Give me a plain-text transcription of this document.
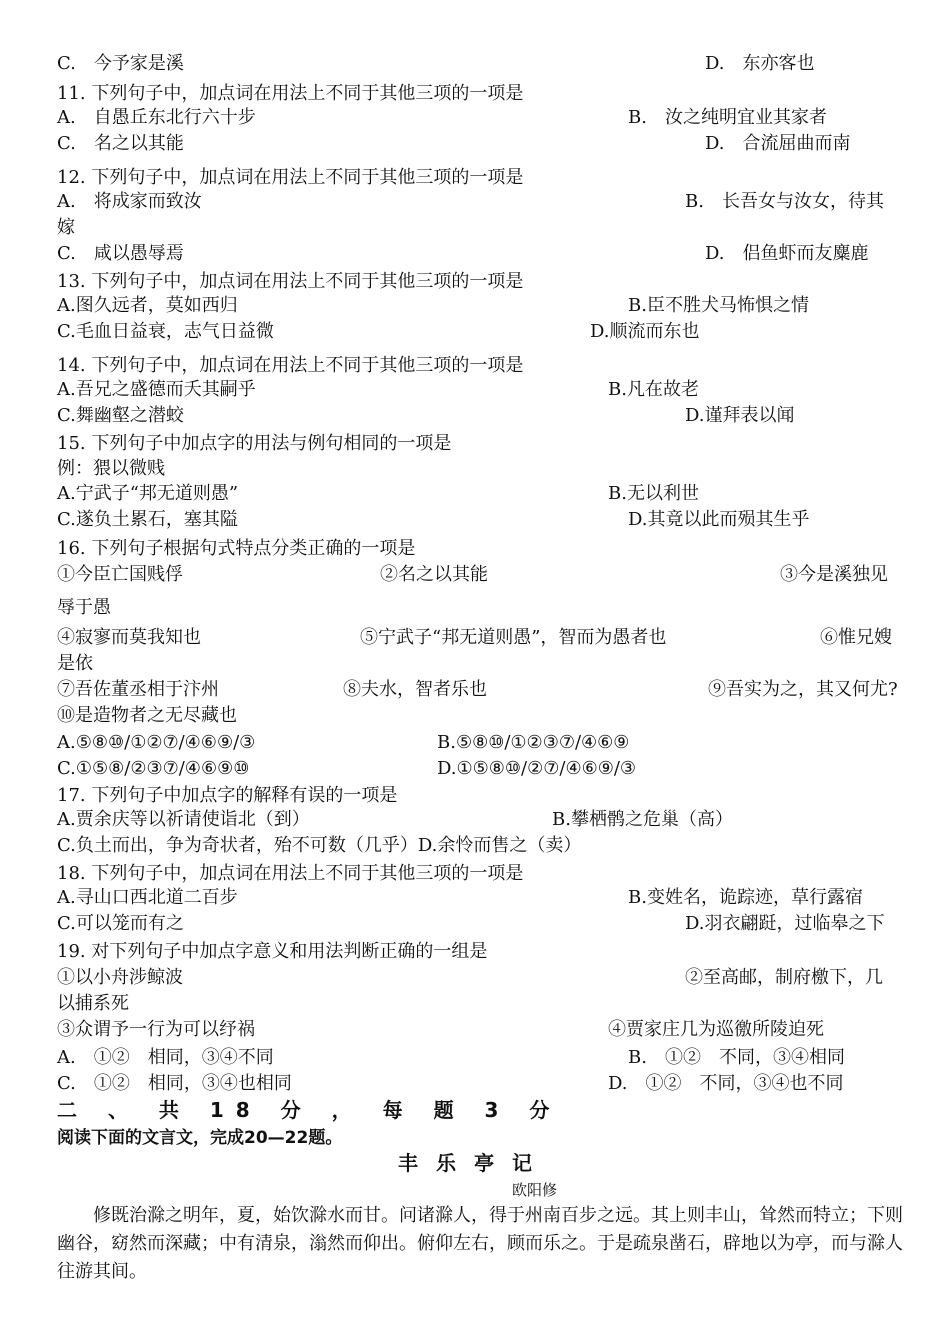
C.　今予家是溪	D.　东亦客也
11. 下列句子中，加点词在用法上不同于其他三项的一项是
A.　自愚丘东北行六十步	B.　汝之纯明宜业其家者
C.　名之以其能	D.　合流屈曲而南
12. 下列句子中，加点词在用法上不同于其他三项的一项是
A.　将成家而致汝	B.　长吾女与汝女，待其
嫁
C.　咸以愚辱焉	D.　侣鱼虾而友麋鹿
13. 下列句子中，加点词在用法上不同于其他三项的一项是
A.图久远者，莫如西归	B.臣不胜犬马怖惧之情
C.毛血日益衰，志气日益微	D.顺流而东也
14. 下列句子中，加点词在用法上不同于其他三项的一项是
A.吾兄之盛德而夭其嗣乎	B.凡在故老
C.舞幽壑之潜蛟	D.谨拜表以闻
15. 下列句子中加点字的用法与例句相同的一项是
例：猥以微贱
A.宁武子“邦无道则愚”	B.无以利世
C.遂负土累石，塞其隘	D.其竟以此而殒其生乎
16. 下列句子根据句式特点分类正确的一项是
①今臣亡国贱俘	②名之以其能	③今是溪独见
辱于愚
④寂寥而莫我知也	⑤宁武子“邦无道则愚”，智而为愚者也	⑥惟兄嫂
是依
⑦吾佐董丞相于汴州	⑧夫水，智者乐也	⑨吾实为之，其又何尤?
⑩是造物者之无尽藏也
A.⑤⑧⑩/①②⑦/④⑥⑨/③	B.⑤⑧⑩/①②③⑦/④⑥⑨
C.①⑤⑧/②③⑦/④⑥⑨⑩	D.①⑤⑧⑩/②⑦/④⑥⑨/③
17. 下列句子中加点字的解释有误的一项是
A.贾余庆等以祈请使诣北（到）	B.攀栖鹘之危巢（高）
C.负土而出，争为奇状者，殆不可数（几乎）D.余怜而售之（卖）
18. 下列句子中，加点词在用法上不同于其他三项的一项是
A.寻山口西北道二百步	B.变姓名，诡踪迹，草行露宿
C.可以笼而有之	D.羽衣翩跹，过临皋之下
19. 对下列句子中加点字意义和用法判断正确的一组是
①以小舟涉鲸波	②至高邮，制府檄下，几
以捕系死
③众谓予一行为可以纾祸	④贾家庄几为巡徼所陵迫死
A.　①②　相同，③④不同	B.　①②　不同，③④相同
C.　①②　相同，③④也相同	D.　①②　不同，③④也不同
二 、 共 18 分 ， 每 题 3 分
阅读下面的文言文，完成20—22题。
丰乐亭记
欧阳修
修既治滁之明年，夏，始饮滁水而甘。问诸滁人，得于州南百步之远。其上则丰山，耸然而特立；下则幽谷，窈然而深藏；中有清泉，滃然而仰出。俯仰左右，顾而乐之。于是疏泉凿石，辟地以为亭，而与滁人往游其间。
